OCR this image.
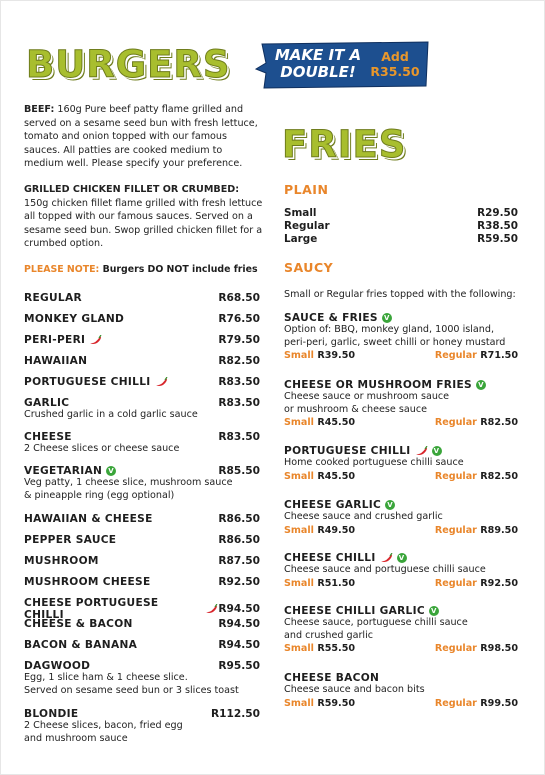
BURGERS	MAKE IT A DOUBLE!
Add
R35.50
BEEF: 160g Pure beef patty flame grilled and served on a sesame seed bun with fresh lettuce, tomato and onion topped with our famous sauces. All patties are cooked medium to medium well. Please specify your preference.
GRILLED CHICKEN FILLET OR CRUMBED:
150g chicken fillet flame grilled with fresh lettuce all topped with our famous sauces. Served on a sesame seed bun. Swop grilled chicken fillet for a crumbed option.
PLEASE NOTE: Burgers DO NOT include fries
REGULAR	R68.50
MONKEY GLAND	R76.50
PERI-PERI	R79.50
HAWAIIAN	R82.50
PORTUGUESE CHILLI	R83.50
GARLIC	R83.50
Crushed garlic in a cold garlic sauce
CHEESE	R83.50
2 Cheese slices or cheese sauce
VEGETARIAN V	R85.50
Veg patty, 1 cheese slice, mushroom sauce
& pineapple ring (egg optional)
HAWAIIAN & CHEESE	R86.50
PEPPER SAUCE	R86.50
MUSHROOM	R87.50
MUSHROOM CHEESE	R92.50
CHEESE PORTUGUESE CHILLI	R94.50
CHEESE & BACON	R94.50
BACON & BANANA	R94.50
DAGWOOD	R95.50
Egg, 1 slice ham & 1 cheese slice.
Served on sesame seed bun or 3 slices toast
BLONDIE	R112.50
2 Cheese slices, bacon, fried egg
and mushroom sauce
FRIES
PLAIN
Small	R29.50
Regular	R38.50
Large	R59.50
SAUCY
Small or Regular fries topped with the following:
SAUCE & FRIES V
Option of: BBQ, monkey gland, 1000 island,
peri-peri, garlic, sweet chilli or honey mustard
Small R39.50	Regular R71.50
CHEESE OR MUSHROOM FRIES V
Cheese sauce or mushroom sauce
or mushroom & cheese sauce
Small R45.50	Regular R82.50
PORTUGUESE CHILLI	V
Home cooked portuguese chilli sauce
Small R45.50	Regular R82.50
CHEESE GARLIC V
Cheese sauce and crushed garlic
Small R49.50	Regular R89.50
CHEESE CHILLI	V
Cheese sauce and portuguese chilli sauce
Small R51.50	Regular R92.50
CHEESE CHILLI GARLIC V
Cheese sauce, portuguese chilli sauce
and crushed garlic
Small R55.50	Regular R98.50
CHEESE BACON
Cheese sauce and bacon bits
Small R59.50	Regular R99.50
